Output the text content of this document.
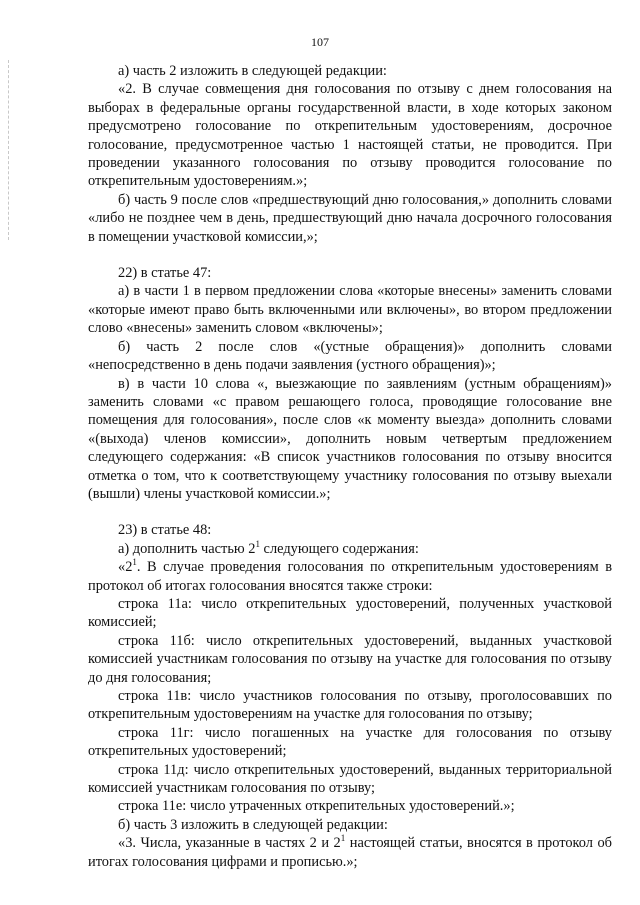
107

а) часть 2 изложить в следующей редакции:

«2. В случае совмещения дня голосования по отзыву с днем голосования на выборах в федеральные органы государственной власти, в ходе которых законом предусмотрено голосование по открепительным удостоверениям, досрочное голосование, предусмотренное частью 1 настоящей статьи, не проводится. При проведении указанного голосования по отзыву проводится голосование по открепительным удостоверениям.»;

б) часть 9 после слов «предшествующий дню голосования,» дополнить словами «либо не позднее чем в день, предшествующий дню начала досрочного голосования в помещении участковой комиссии,»;

22) в статье 47:

а) в части 1 в первом предложении слова «которые внесены» заменить словами «которые имеют право быть включенными или включены», во втором предложении слово «внесены» заменить словом «включены»;

б) часть 2 после слов «(устные обращения)» дополнить словами «непосредственно в день подачи заявления (устного обращения)»;

в) в части 10 слова «, выезжающие по заявлениям (устным обращениям)» заменить словами «с правом решающего голоса, проводящие голосование вне помещения для голосования», после слов «к моменту выезда» дополнить словами «(выхода) членов комиссии», дополнить новым четвертым предложением следующего содержания: «В список участников голосования по отзыву вносится отметка о том, что к соответствующему участнику голосования по отзыву выехали (вышли) члены участковой комиссии.»;

23) в статье 48:

а) дополнить частью $2^1$ следующего содержания:

«$2^1$. В случае проведения голосования по открепительным удостоверениям в протокол об итогах голосования вносятся также строки:

строка 11а: число открепительных удостоверений, полученных участковой комиссией;

строка 11б: число открепительных удостоверений, выданных участковой комиссией участникам голосования по отзыву на участке для голосования по отзыву до дня голосования;

строка 11в: число участников голосования по отзыву, проголосовавших по открепительным удостоверениям на участке для голосования по отзыву;

строка 11г: число погашенных на участке для голосования по отзыву открепительных удостоверений;

строка 11д: число открепительных удостоверений, выданных территориальной комиссией участникам голосования по отзыву;

строка 11е: число утраченных открепительных удостоверений.»;

б) часть 3 изложить в следующей редакции:

«3. Числа, указанные в частях 2 и $2^1$ настоящей статьи, вносятся в протокол об итогах голосования цифрами и прописью.»;
